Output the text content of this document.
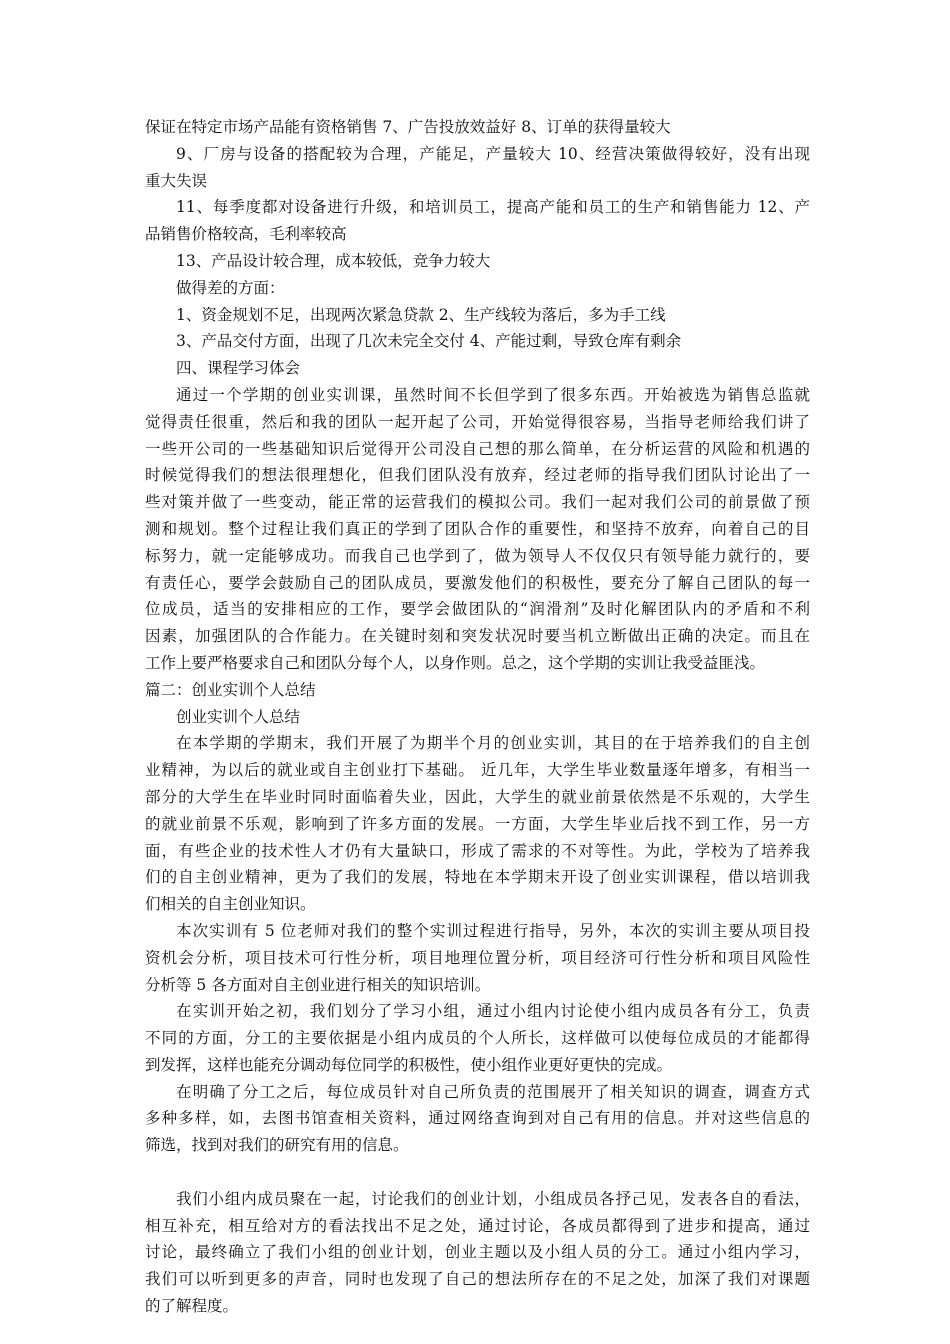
保证在特定市场产品能有资格销售 7、广告投放效益好 8、订单的获得量较大
9、厂房与设备的搭配较为合理，产能足，产量较大 10、经营决策做得较好，没有出现
重大失误
11、每季度都对设备进行升级，和培训员工，提高产能和员工的生产和销售能力 12、产
品销售价格较高，毛利率较高
13、产品设计较合理，成本较低，竞争力较大
做得差的方面：
1、资金规划不足，出现两次紧急贷款 2、生产线较为落后，多为手工线
3、产品交付方面，出现了几次未完全交付 4、产能过剩，导致仓库有剩余
四、课程学习体会
通过一个学期的创业实训课，虽然时间不长但学到了很多东西。开始被选为销售总监就
觉得责任很重，然后和我的团队一起开起了公司，开始觉得很容易，当指导老师给我们讲了
一些开公司的一些基础知识后觉得开公司没自己想的那么简单，在分析运营的风险和机遇的
时候觉得我们的想法很理想化，但我们团队没有放弃，经过老师的指导我们团队讨论出了一
些对策并做了一些变动，能正常的运营我们的模拟公司。我们一起对我们公司的前景做了预
测和规划。整个过程让我们真正的学到了团队合作的重要性，和坚持不放弃，向着自己的目
标努力，就一定能够成功。而我自己也学到了，做为领导人不仅仅只有领导能力就行的，要
有责任心，要学会鼓励自己的团队成员，要激发他们的积极性，要充分了解自己团队的每一
位成员，适当的安排相应的工作，要学会做团队的“润滑剂”及时化解团队内的矛盾和不利
因素，加强团队的合作能力。在关键时刻和突发状况时要当机立断做出正确的决定。而且在
工作上要严格要求自己和团队分每个人，以身作则。总之，这个学期的实训让我受益匪浅。
篇二：创业实训个人总结
创业实训个人总结
在本学期的学期末，我们开展了为期半个月的创业实训，其目的在于培养我们的自主创
业精神，为以后的就业或自主创业打下基础。 近几年，大学生毕业数量逐年增多，有相当一
部分的大学生在毕业时同时面临着失业，因此，大学生的就业前景依然是不乐观的，大学生
的就业前景不乐观，影响到了许多方面的发展。一方面，大学生毕业后找不到工作，另一方
面，有些企业的技术性人才仍有大量缺口，形成了需求的不对等性。为此，学校为了培养我
们的自主创业精神，更为了我们的发展，特地在本学期末开设了创业实训课程，借以培训我
们相关的自主创业知识。
本次实训有 5 位老师对我们的整个实训过程进行指导，另外，本次的实训主要从项目投
资机会分析，项目技术可行性分析，项目地理位置分析，项目经济可行性分析和项目风险性
分析等 5 各方面对自主创业进行相关的知识培训。
在实训开始之初，我们划分了学习小组，通过小组内讨论使小组内成员各有分工，负责
不同的方面，分工的主要依据是小组内成员的个人所长，这样做可以使每位成员的才能都得
到发挥，这样也能充分调动每位同学的积极性，使小组作业更好更快的完成。
在明确了分工之后，每位成员针对自己所负责的范围展开了相关知识的调查，调查方式
多种多样，如，去图书馆查相关资料，通过网络查询到对自己有用的信息。并对这些信息的
筛选，找到对我们的研究有用的信息。
我们小组内成员聚在一起，讨论我们的创业计划，小组成员各抒己见，发表各自的看法，
相互补充，相互给对方的看法找出不足之处，通过讨论，各成员都得到了进步和提高，通过
讨论，最终确立了我们小组的创业计划，创业主题以及小组人员的分工。通过小组内学习，
我们可以听到更多的声音，同时也发现了自己的想法所存在的不足之处，加深了我们对课题
的了解程度。
